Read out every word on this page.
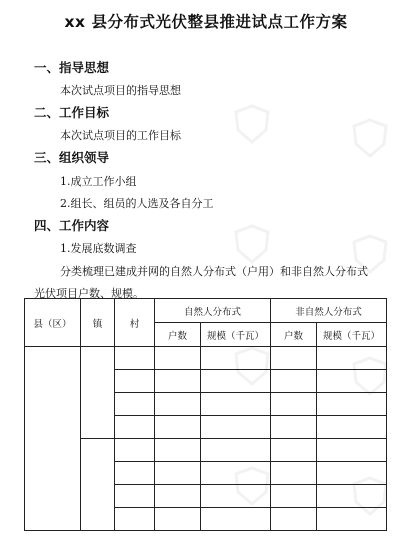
xx 县分布式光伏整县推进试点工作方案
一、指导思想
本次试点项目的指导思想
二、工作目标
本次试点项目的工作目标
三、组织领导
1.成立工作小组
2.组长、组员的人选及各自分工
四、工作内容
1.发展底数调查
分类梳理已建成并网的自然人分布式（户用）和非自然人分布式
光伏项目户数、规模。
县（区）	镇	村	自然人分布式		非自然人分布式	
			户数	规模（千瓦）	户数	规模（千瓦）
